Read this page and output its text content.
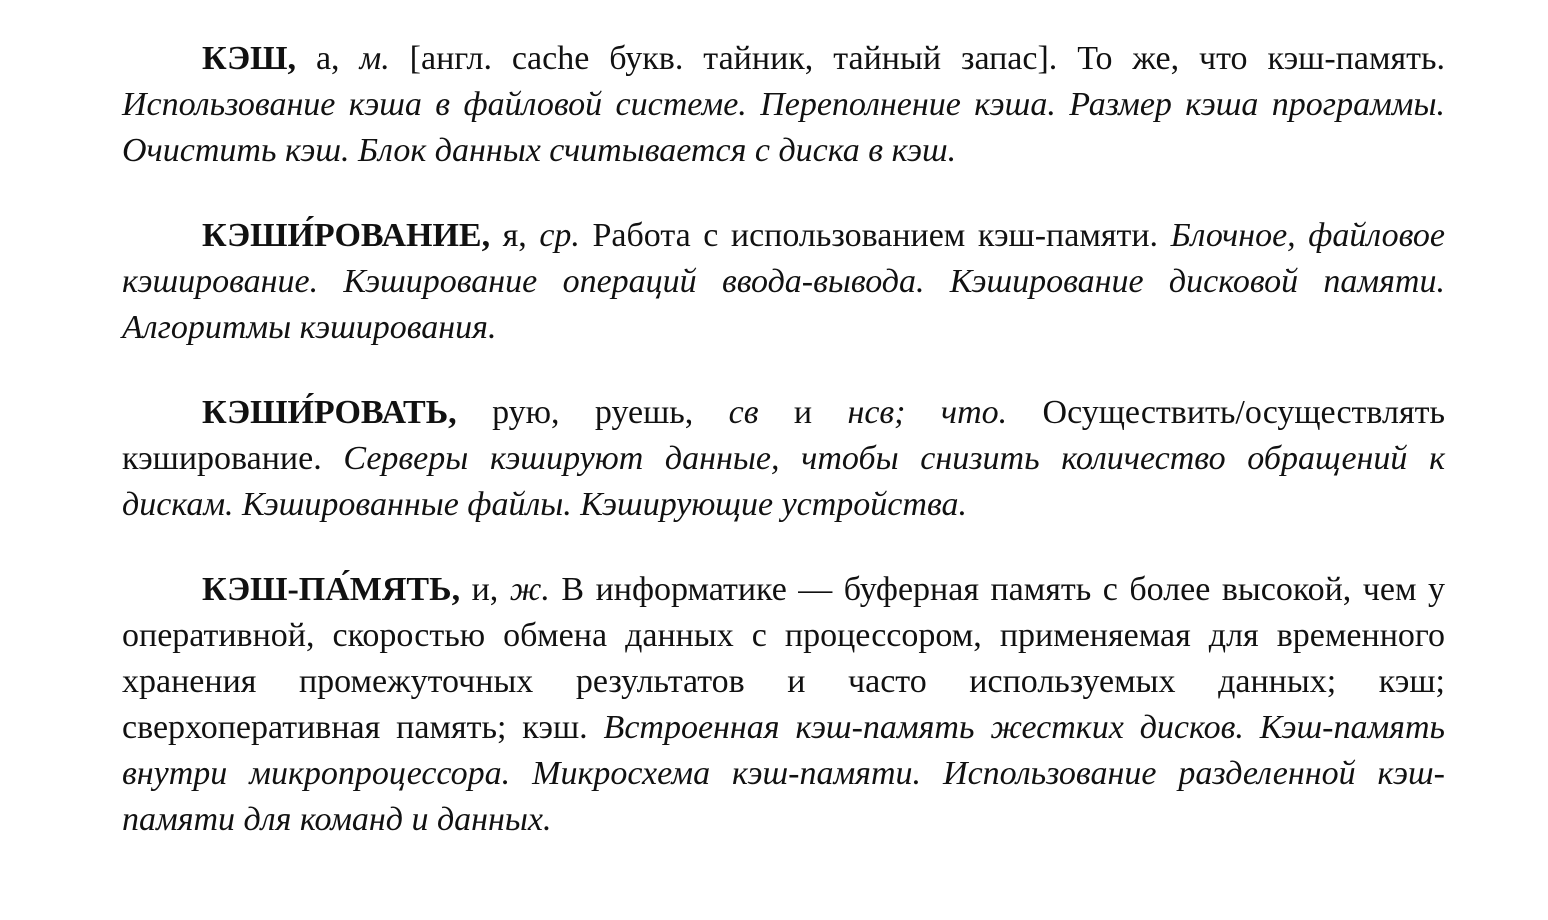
КЭШ, а, м. [англ. cache букв. тайник, тайный запас]. То же, что кэш-память. Использование кэша в файловой системе. Переполнение кэша. Размер кэша программы. Очистить кэш. Блок данных считывается с диска в кэш.

КЭШИ́РОВАНИЕ, я, ср. Работа с использованием кэш-памяти. Блочное, файловое кэширование. Кэширование операций ввода-вывода. Кэширование дисковой памяти. Алгоритмы кэширования.

КЭШИ́РОВАТЬ, рую, руешь, св и нсв; что. Осуществить/осуществлять кэширование. Серверы кэшируют данные, чтобы снизить количество обращений к дискам. Кэшированные файлы. Кэширующие устройства.

КЭШ-ПА́МЯТЬ, и, ж. В информатике — буферная память с более высокой, чем у оперативной, скоростью обмена данных с процессором, применяемая для временного хранения промежуточных результатов и часто используемых данных; кэш; сверхоперативная память; кэш. Встроенная кэш-память жестких дисков. Кэш-память внутри микропроцессора. Микросхема кэш-памяти. Использование разделенной кэш-памяти для команд и данных.
